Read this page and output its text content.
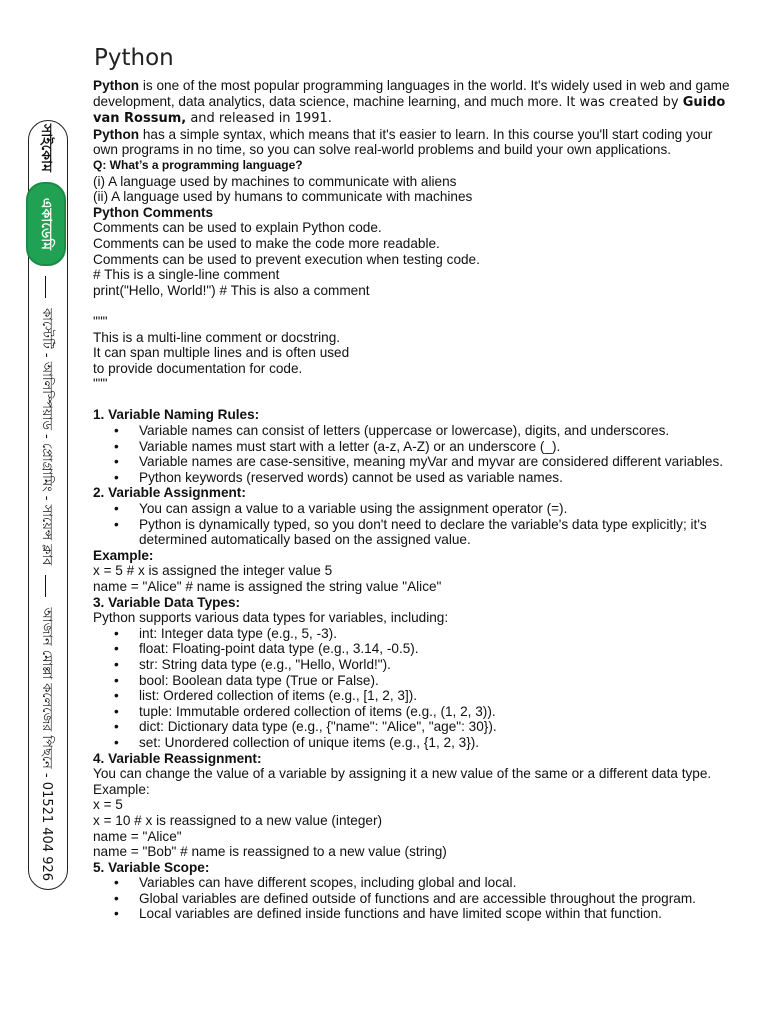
Python
সাইকোম
একাডেমি
কাস্টেটি - আলিস্পিয়াড - প্রোগ্রামিং - সায়েন্স ক্লাব
আজান মোল্লা কলেজের পিছনে - 01521 404 926

Python is one of the most popular programming languages in the world. It's widely used in web and game development, data analytics, data science, machine learning, and much more. It was created by Guido van Rossum, and released in 1991.

Python has a simple syntax, which means that it's easier to learn. In this course you'll start coding your own programs in no time, so you can solve real-world problems and build your own applications.

Q: What’s a programming language?

(i) A language used by machines to communicate with aliens

(ii) A language used by humans to communicate with machines

Python Comments

Comments can be used to explain Python code.

Comments can be used to make the code more readable.

Comments can be used to prevent execution when testing code.

# This is a single-line comment

print("Hello, World!") # This is also a comment

"""

This is a multi-line comment or docstring.

It can span multiple lines and is often used

to provide documentation for code.

"""

1. Variable Naming Rules:

• Variable names can consist of letters (uppercase or lowercase), digits, and underscores.
• Variable names must start with a letter (a-z, A-Z) or an underscore (_).
• Variable names are case-sensitive, meaning myVar and myvar are considered different variables.
• Python keywords (reserved words) cannot be used as variable names.

2. Variable Assignment:

• You can assign a value to a variable using the assignment operator (=).
• Python is dynamically typed, so you don't need to declare the variable's data type explicitly; it's determined automatically based on the assigned value.

Example:

x = 5 # x is assigned the integer value 5

name = "Alice" # name is assigned the string value "Alice"

3. Variable Data Types:

Python supports various data types for variables, including:

• int: Integer data type (e.g., 5, -3).
• float: Floating-point data type (e.g., 3.14, -0.5).
• str: String data type (e.g., "Hello, World!").
• bool: Boolean data type (True or False).
• list: Ordered collection of items (e.g., [1, 2, 3]).
• tuple: Immutable ordered collection of items (e.g., (1, 2, 3)).
• dict: Dictionary data type (e.g., {"name": "Alice", "age": 30}).
• set: Unordered collection of unique items (e.g., {1, 2, 3}).

4. Variable Reassignment:

You can change the value of a variable by assigning it a new value of the same or a different data type.

Example:

x = 5

x = 10 # x is reassigned to a new value (integer)

name = "Alice"

name = "Bob" # name is reassigned to a new value (string)

5. Variable Scope:

• Variables can have different scopes, including global and local.
• Global variables are defined outside of functions and are accessible throughout the program.
• Local variables are defined inside functions and have limited scope within that function.
